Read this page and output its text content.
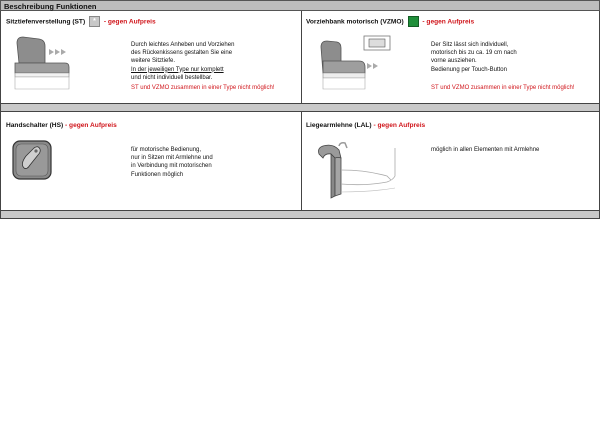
Beschreibung Funktionen
Sitztiefenverstellung (ST) * - gegen Aufpreis
Durch leichtes Anheben und Vorziehen
des Rückenkissens gestalten Sie eine
weitere Sitztiefe.
In der jeweiligen Type nur komplett
und nicht individuell bestellbar.
ST und VZMO zusammen in einer Type nicht möglich!
Vorziehbank motorisch (VZMO)	- gegen Aufpreis
Der Sitz lässt sich individuell,
motorisch bis zu ca. 19 cm nach
vorne ausziehen.
Bedienung per Touch-Button
ST und VZMO zusammen in einer Type nicht möglich!
Handschalter (HS) - gegen Aufpreis
für motorische Bedienung,
nur in Sitzen mit Armlehne und
in Verbindung mit motorischen
Funktionen möglich
Liegearmlehne (LAL) - gegen Aufpreis
möglich in allen Elementen mit Armlehne
